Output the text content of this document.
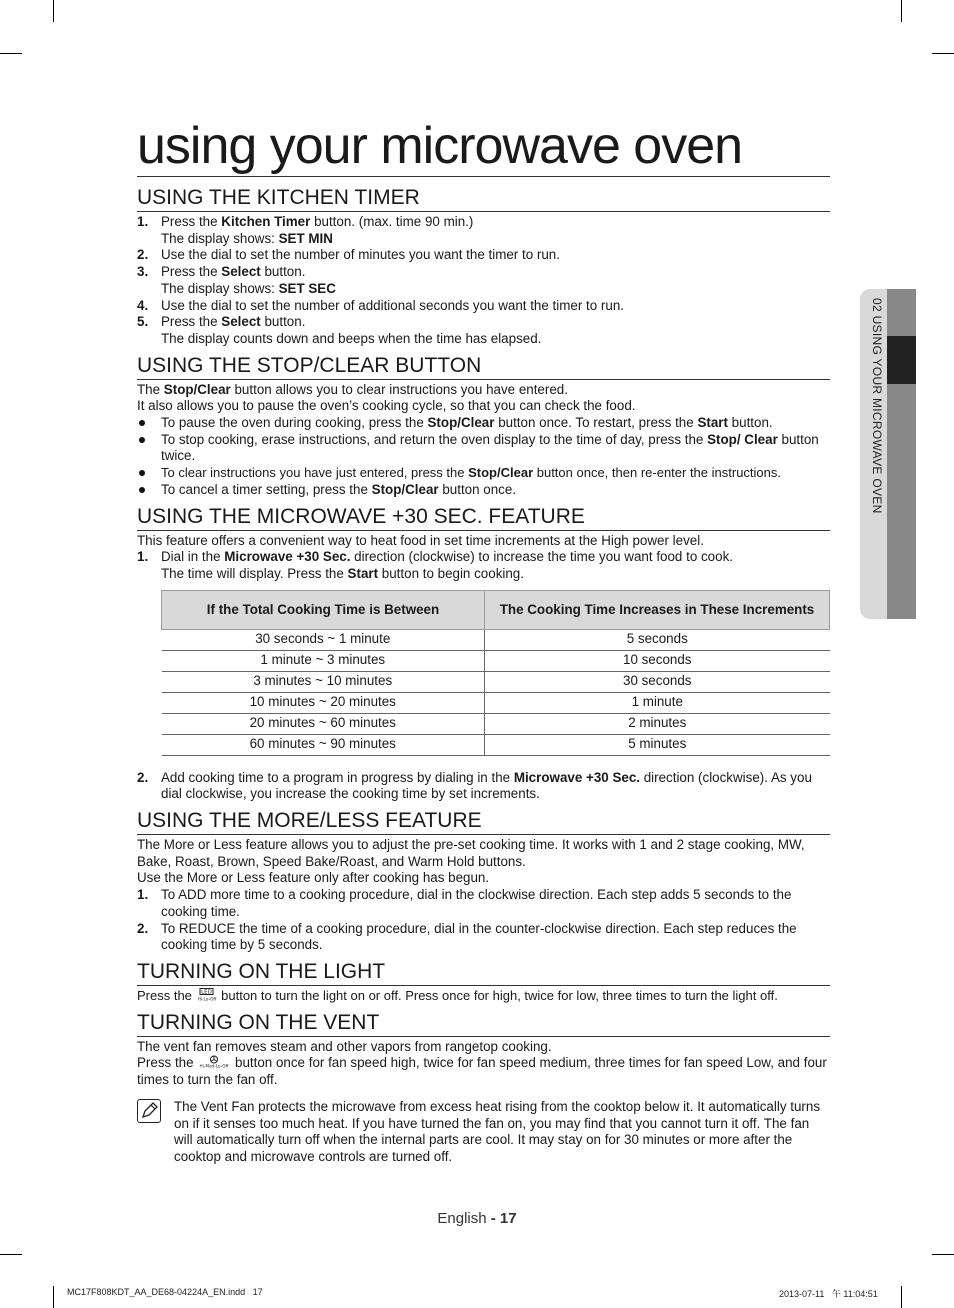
02 USING YOUR MICROWAVE OVEN
using your microwave oven
USING THE KITCHEN TIMER
1. Press the Kitchen Timer button. (max. time 90 min.)
The display shows: SET MIN
2. Use the dial to set the number of minutes you want the timer to run.
3. Press the Select button.
The display shows: SET SEC
4. Use the dial to set the number of additional seconds you want the timer to run.
5. Press the Select button.
The display counts down and beeps when the time has elapsed.
USING THE STOP/CLEAR BUTTON

The Stop/Clear button allows you to clear instructions you have entered.

It also allows you to pause the oven’s cooking cycle, so that you can check the food.

To pause the oven during cooking, press the Stop/Clear button once. To restart, press the Start button.
To stop cooking, erase instructions, and return the oven display to the time of day, press the Stop/ Clear button twice.
To clear instructions you have just entered, press the Stop/Clear button once, then re-enter the instructions.
To cancel a timer setting, press the Stop/Clear button once.
USING THE MICROWAVE +30 SEC. FEATURE

This feature offers a convenient way to heat food in set time increments at the High power level.

1. Dial in the Microwave +30 Sec. direction (clockwise) to increase the time you want food to cook.
The time will display. Press the Start button to begin cooking.
If the Total Cooking Time is Between	The Cooking Time Increases in These Increments
30 seconds ~ 1 minute	5 seconds
1 minute ~ 3 minutes	10 seconds
3 minutes ~ 10 minutes	30 seconds
10 minutes ~ 20 minutes	1 minute
20 minutes ~ 60 minutes	2 minutes
60 minutes ~ 90 minutes	5 minutes
2. Add cooking time to a program in progress by dialing in the Microwave +30 Sec. direction (clockwise). As you dial clockwise, you increase the cooking time by set increments.
USING THE MORE/LESS FEATURE

The More or Less feature allows you to adjust the pre-set cooking time. It works with 1 and 2 stage cooking, MW, Bake, Roast, Brown, Speed Bake/Roast, and Warm Hold buttons.

Use the More or Less feature only after cooking has begun.

1. To ADD more time to a cooking procedure, dial in the clockwise direction. Each step adds 5 seconds to the cooking time.
2. To REDUCE the time of a cooking procedure, dial in the counter-clockwise direction. Each step reduces the cooking time by 5 seconds.
TURNING ON THE LIGHT

Press the LED
Hi-Lo-Off button to turn the light on or off. Press once for high, twice for low, three times to turn the light off.

TURNING ON THE VENT

The vent fan removes steam and other vapors from rangetop cooking.

Press the Hi-Med-Lo-Off button once for fan speed high, twice for fan speed medium, three times for fan speed Low, and four times to turn the fan off.

The Vent Fan protects the microwave from excess heat rising from the cooktop below it. It automatically turns on if it senses too much heat. If you have turned the fan on, you may find that you cannot turn it off. The fan will automatically turn off when the internal parts are cool. It may stay on for 30 minutes or more after the cooktop and microwave controls are turned off.

English - 17
MC17F808KDT_AA_DE68-04224A_EN.indd   17	2013-07-11   午 11:04:51
